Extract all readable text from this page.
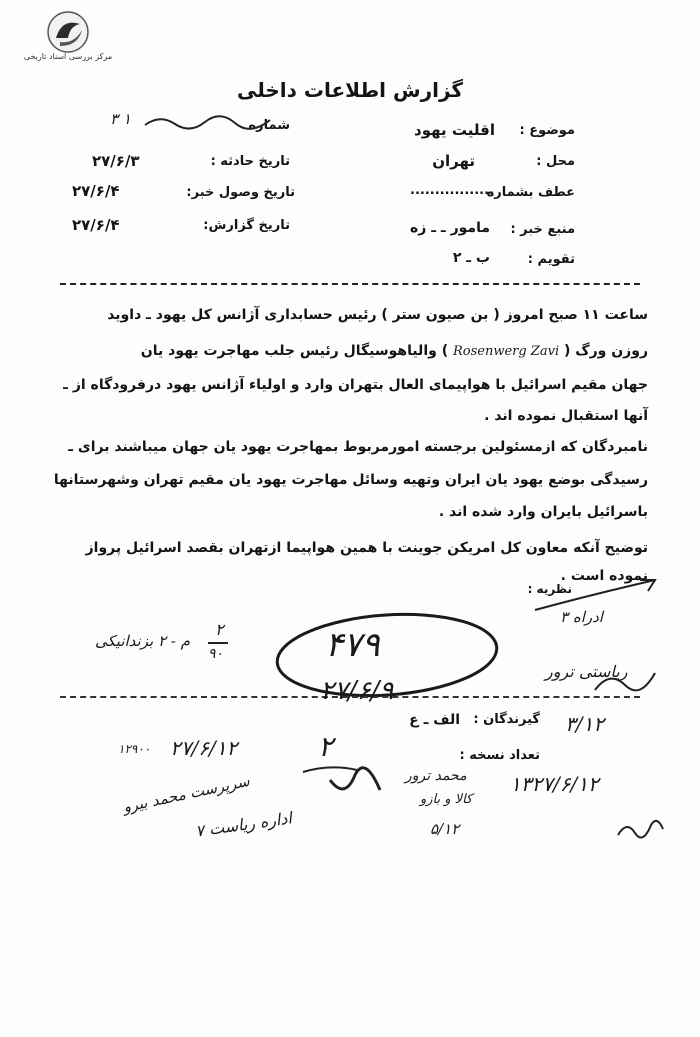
مرکز بررسی اسناد تاریخی
گزارش اطلاعات داخلی
موضوع :
اقلیت یهود
محل :
تهران
عطف بشماره
.................
منبع خبر :
مامور ـ ـ زه
تقویم :
ب ـ ۲
شماره
۳ ۱
تاریخ حادثه :
۲۷/۶/۳
تاریخ وصول خبر:
۲۷/۶/۴
تاریخ گزارش:
۲۷/۶/۴
ساعت ۱۱ صبح امروز ( بن صیون ستر ) رئیس حسابداری آژانس کل یهود ـ داوید
روزن ورگ ( Rosenwerg Zavi ) والیاهوسیگال رئیس جلب مهاجرت یهود یان
جهان مقیم اسرائیل با هواپیمای العال بتهران وارد و اولیاء آژانس یهود درفرودگاه از ـ
آنها استقبال نموده اند .
نامبردگان که ازمسئولین برجسته امورمربوط بمهاجرت یهود یان جهان میباشند برای ـ
رسیدگی بوضع یهود یان ایران وتهیه وسائل مهاجرت یهود یان مقیم تهران وشهرستانها
باسرائیل بایران وارد شده اند .
توضیح آنکه معاون کل امریکن جوینت با همین هواپیما ازتهران بقصد اسرائیل پرواز
نموده است .
نظریه :
۴۷۹
م - ۲ بزندانیکی
۲
۹۰
ادراه ۳
ریاستی ترور
۲۷/۶/۹
۲
گیرندگان :
الف ـ ع
تعداد نسخه :
۳/۱۲
۲۷/۶/۱۲
۱۲۹۰۰
سرپرست محمد بیرو
اداره ریاست ۷
محمد ترور
کالا و بازو
۵/۱۲
۱۳۲۷/۶/۱۲
